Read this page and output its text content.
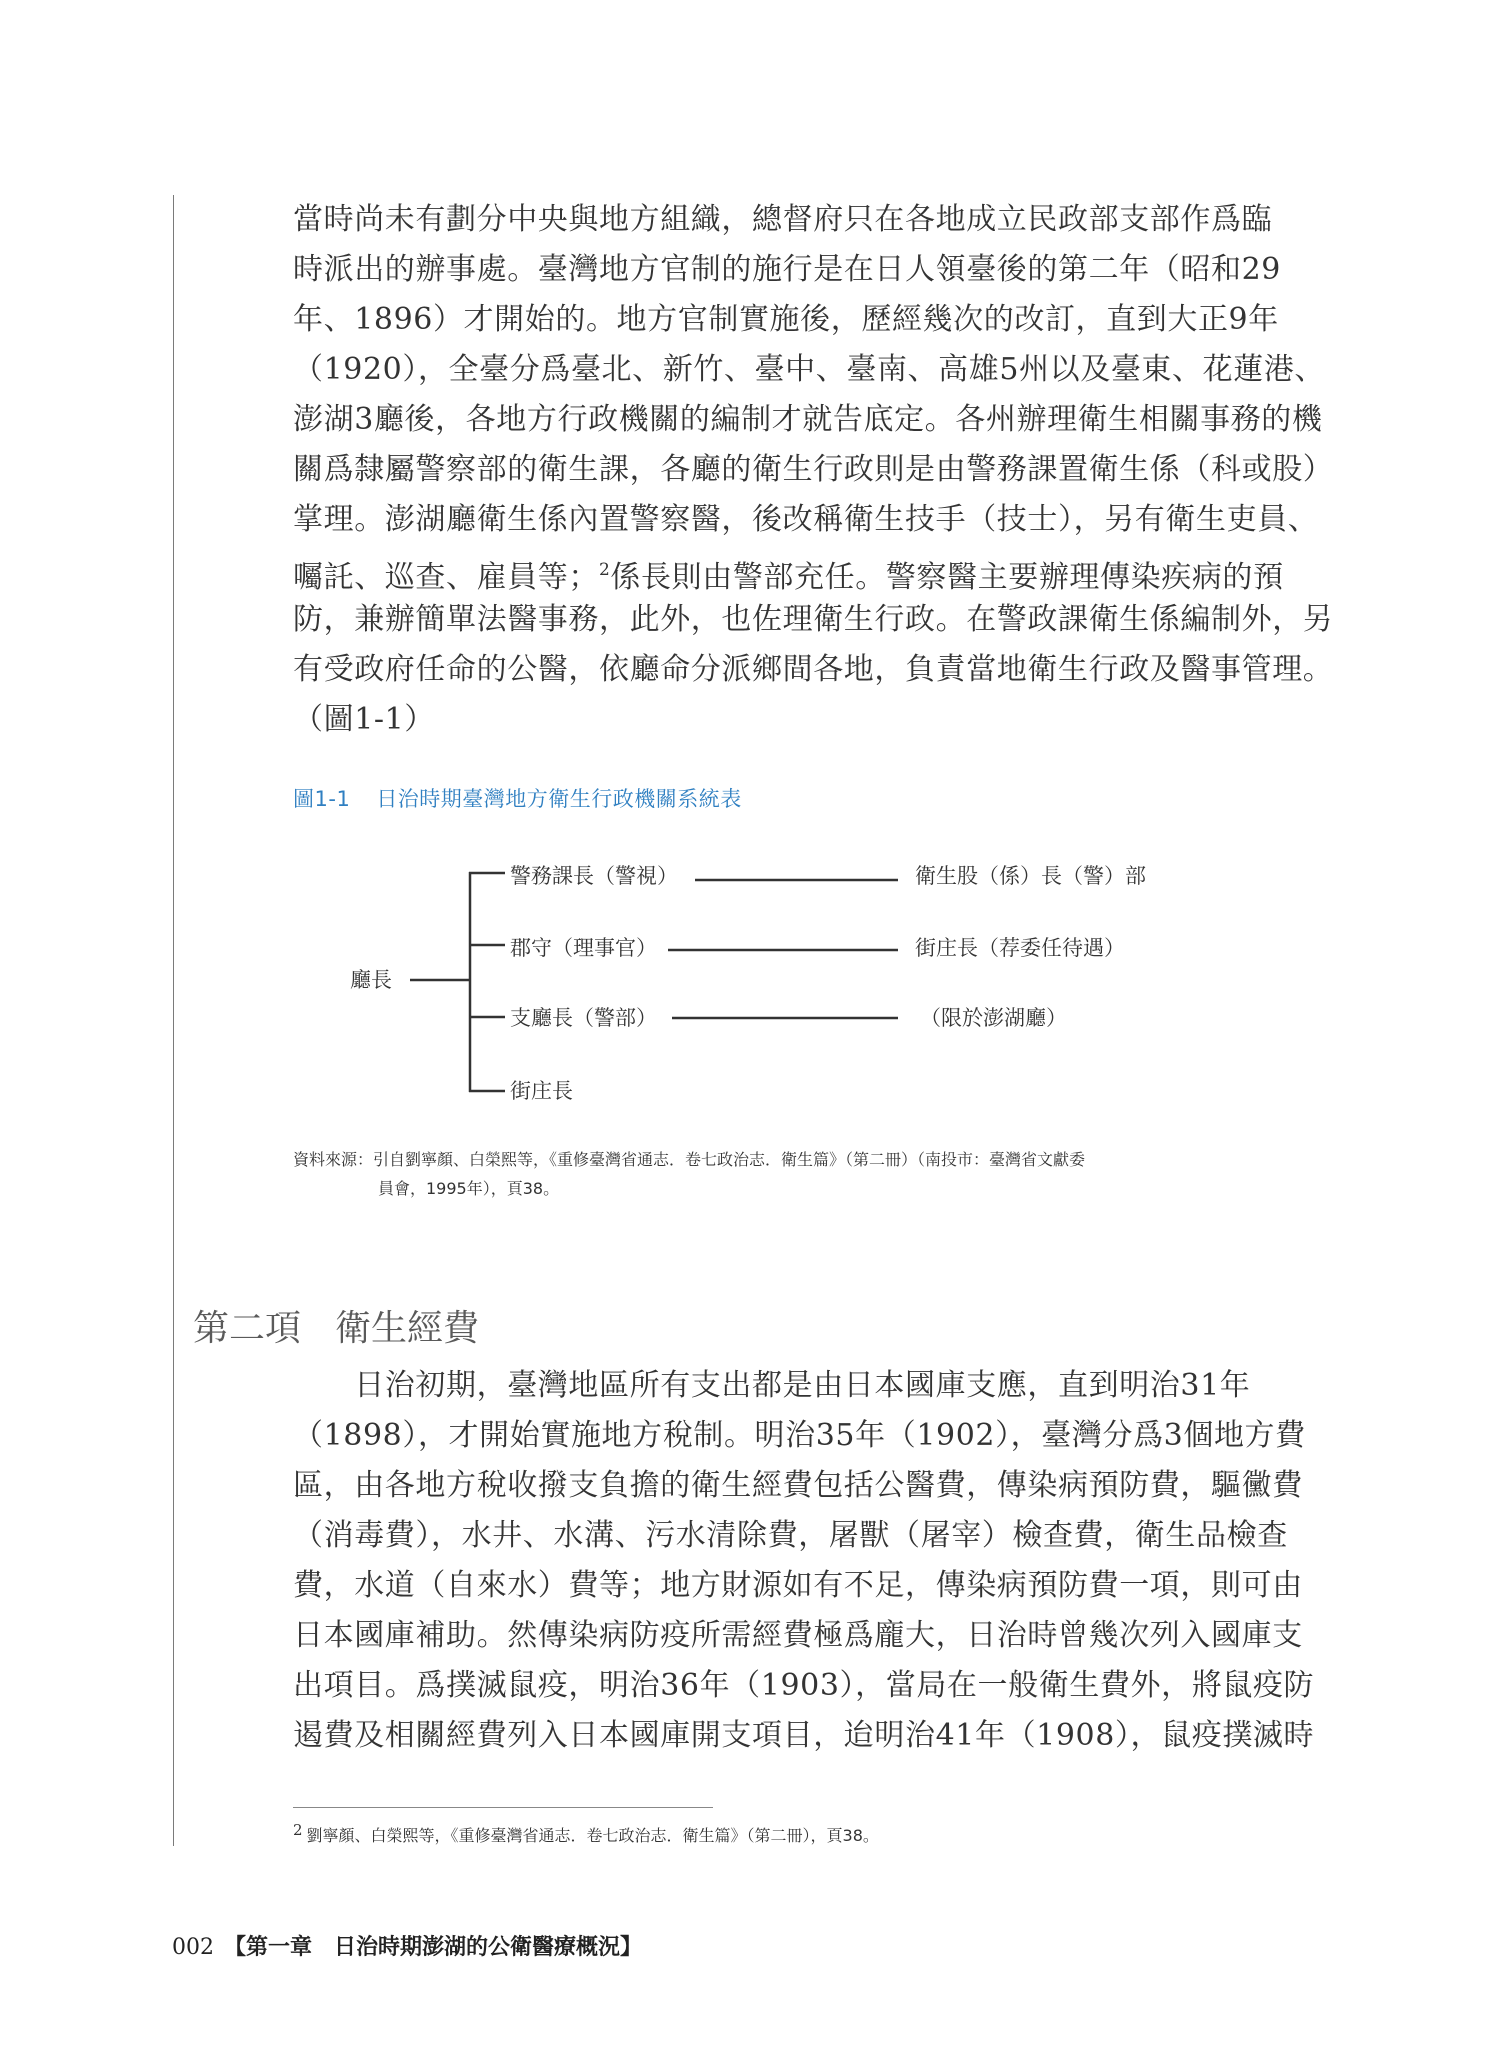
當時尚未有劃分中央與地方組織，總督府只在各地成立民政部支部作爲臨
時派出的辦事處。臺灣地方官制的施行是在日人領臺後的第二年（昭和29
年、1896）才開始的。地方官制實施後，歷經幾次的改訂，直到大正9年
（1920），全臺分爲臺北、新竹、臺中、臺南、高雄5州以及臺東、花蓮港、
澎湖3廳後，各地方行政機關的編制才就告底定。各州辦理衛生相關事務的機
關爲隸屬警察部的衛生課，各廳的衛生行政則是由警務課置衛生係（科或股）
掌理。澎湖廳衛生係內置警察醫，後改稱衛生技手（技士），另有衛生吏員、
囑託、巡查、雇員等；$^2$係長則由警部充任。警察醫主要辦理傳染疾病的預
防，兼辦簡單法醫事務，此外，也佐理衛生行政。在警政課衛生係編制外，另
有受政府任命的公醫，依廳命分派鄉間各地，負責當地衛生行政及醫事管理。
（圖1-1）
圖1-1 日治時期臺灣地方衛生行政機關系統表
廳長
警務課長（警視）
郡守（理事官）
支廳長（警部）
街庄長
衛生股（係）長（警）部
街庄長（荐委任待遇）
（限於澎湖廳）
資料來源：引自劉寧顏、白榮熙等，《重修臺灣省通志．卷七政治志．衛生篇》（第二冊）（南投市：臺灣省文獻委
員會，1995年），頁38。
第二項 衛生經費
　　日治初期，臺灣地區所有支出都是由日本國庫支應，直到明治31年
（1898），才開始實施地方稅制。明治35年（1902），臺灣分爲3個地方費
區，由各地方稅收撥支負擔的衛生經費包括公醫費，傳染病預防費，驅黴費
（消毒費），水井、水溝、污水清除費，屠獸（屠宰）檢查費，衛生品檢查
費，水道（自來水）費等；地方財源如有不足，傳染病預防費一項，則可由
日本國庫補助。然傳染病防疫所需經費極爲龐大，日治時曾幾次列入國庫支
出項目。爲撲滅鼠疫，明治36年（1903），當局在一般衛生費外，將鼠疫防
遏費及相關經費列入日本國庫開支項目，迨明治41年（1908），鼠疫撲滅時
2 劉寧顏、白榮熙等，《重修臺灣省通志．卷七政治志．衛生篇》（第二冊），頁38。
002 【第一章　日治時期澎湖的公衛醫療概況】
